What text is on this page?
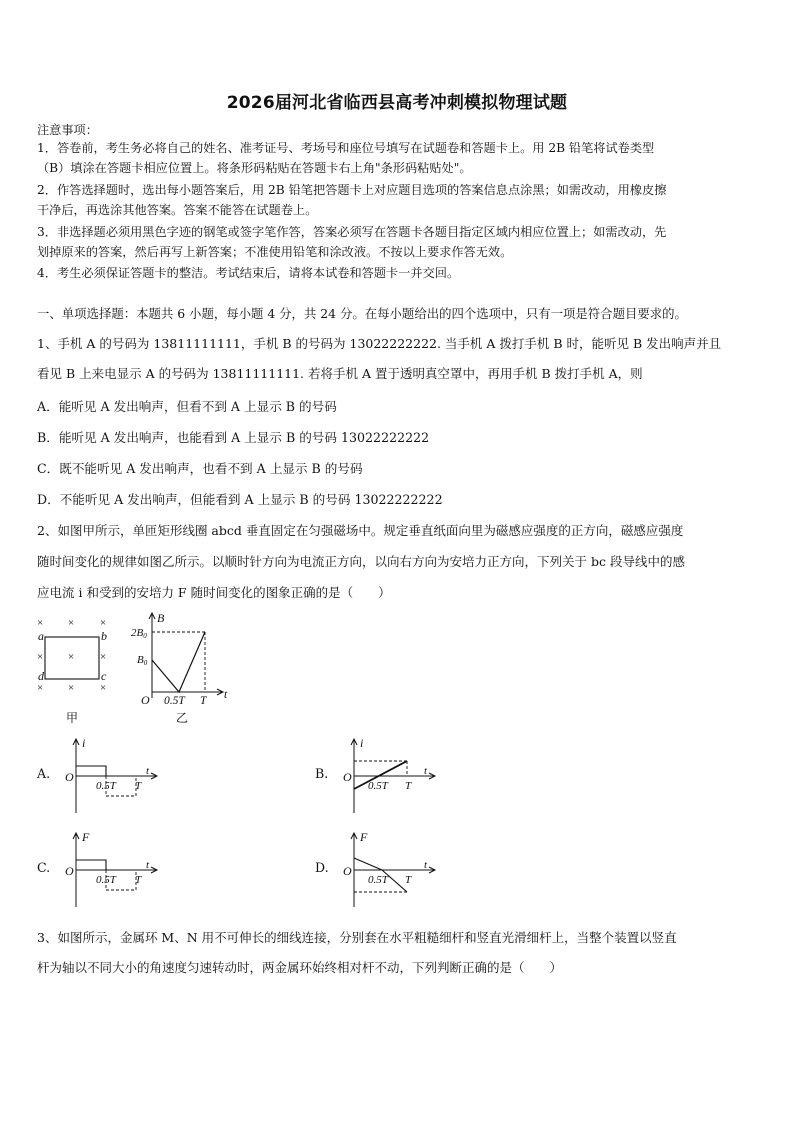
2026届河北省临西县高考冲刺模拟物理试题
注意事项：
1．答卷前，考生务必将自己的姓名、准考证号、考场号和座位号填写在试题卷和答题卡上。用 2B 铅笔将试卷类型
（B）填涂在答题卡相应位置上。将条形码粘贴在答题卡右上角"条形码粘贴处"。
2．作答选择题时，选出每小题答案后，用 2B 铅笔把答题卡上对应题目选项的答案信息点涂黑；如需改动，用橡皮擦
干净后，再选涂其他答案。答案不能答在试题卷上。
3．非选择题必须用黑色字迹的钢笔或签字笔作答，答案必须写在答题卡各题目指定区域内相应位置上；如需改动，先
划掉原来的答案，然后再写上新答案；不准使用铅笔和涂改液。不按以上要求作答无效。
4．考生必须保证答题卡的整洁。考试结束后，请将本试卷和答题卡一并交回。
一、单项选择题：本题共 6 小题，每小题 4 分，共 24 分。在每小题给出的四个选项中，只有一项是符合题目要求的。
1、手机 A 的号码为 13811111111，手机 B 的号码为 13022222222. 当手机 A 拨打手机 B 时，能听见 B 发出响声并且
看见 B 上来电显示 A 的号码为 13811111111. 若将手机 A 置于透明真空罩中，再用手机 B 拨打手机 A，则
A．能听见 A 发出响声，但看不到 A 上显示 B 的号码
B．能听见 A 发出响声，也能看到 A 上显示 B 的号码 13022222222
C．既不能听见 A 发出响声，也看不到 A 上显示 B 的号码
D．不能听见 A 发出响声，但能看到 A 上显示 B 的号码 13022222222
2、如图甲所示，单匝矩形线圈 abcd 垂直固定在匀强磁场中。规定垂直纸面向里为磁感应强度的正方向，磁感应强度
随时间变化的规律如图乙所示。以顺时针方向为电流正方向，以向右方向为安培力正方向，下列关于 bc 段导线中的感
应电流 i 和受到的安培力 F 随时间变化的图象正确的是（　　）
× × ×
× × ×
× × ×
a	b
c
d
甲
B
2B0
B0
O 0.5T T t
乙
A.
i
O	t
0.5T T
B.
i
O	t
0.5T T
C.
F
O	t
0.5T T
D.
F
O	t
0.5T T
3、如图所示，金属环 M、N 用不可伸长的细线连接，分别套在水平粗糙细杆和竖直光滑细杆上，当整个装置以竖直
杆为轴以不同大小的角速度匀速转动时，两金属环始终相对杆不动，下列判断正确的是（　　）
